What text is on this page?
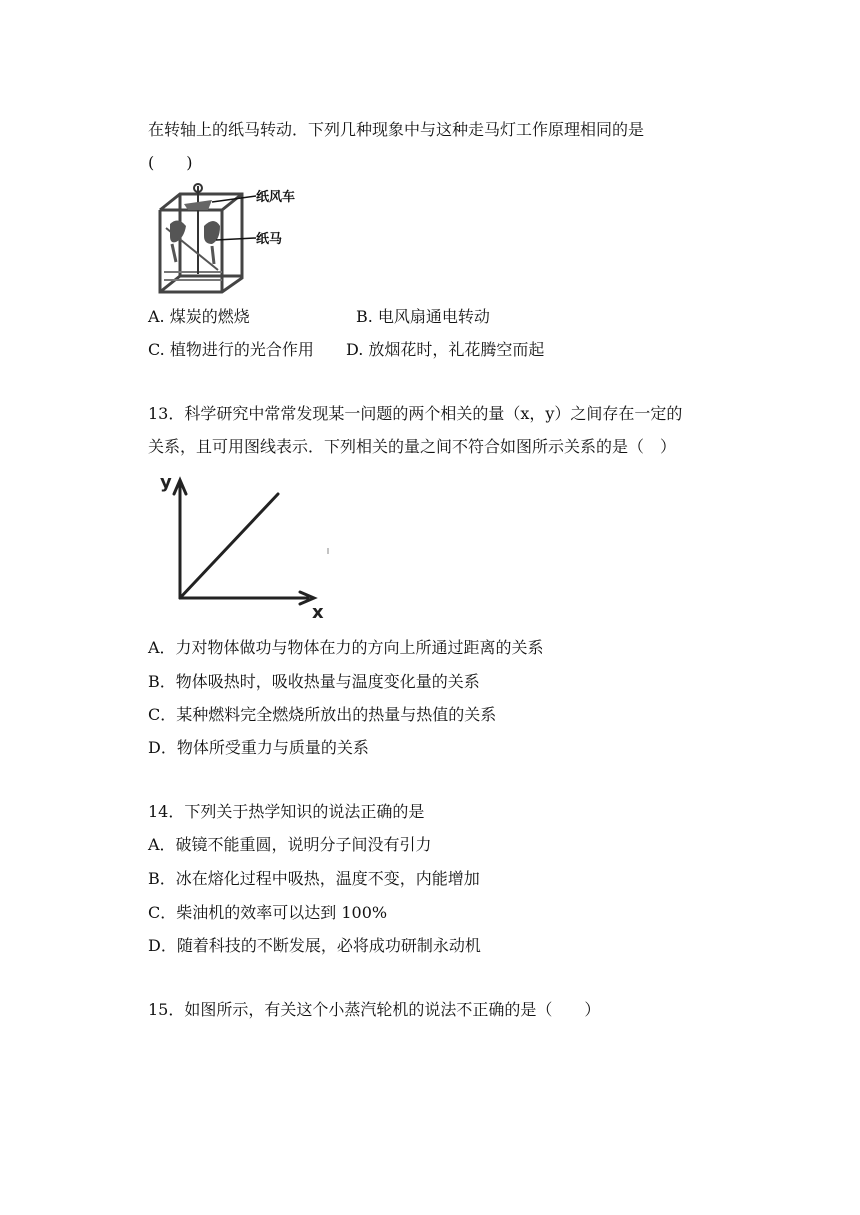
在转轴上的纸马转动．下列几种现象中与这种走马灯工作原理相同的是
(　　)
纸风车
纸马
A. 煤炭的燃烧	B. 电风扇通电转动
C. 植物进行的光合作用 D. 放烟花时，礼花腾空而起
13．科学研究中常常发现某一问题的两个相关的量（x，y）之间存在一定的
关系，且可用图线表示．下列相关的量之间不符合如图所示关系的是（　）
y
x
A．力对物体做功与物体在力的方向上所通过距离的关系
B．物体吸热时，吸收热量与温度变化量的关系
C．某种燃料完全燃烧所放出的热量与热值的关系
D．物体所受重力与质量的关系
14．下列关于热学知识的说法正确的是
A．破镜不能重圆，说明分子间没有引力
B．冰在熔化过程中吸热，温度不变，内能增加
C．柴油机的效率可以达到 100%
D．随着科技的不断发展，必将成功研制永动机
15．如图所示，有关这个小蒸汽轮机的说法不正确的是（　　）
